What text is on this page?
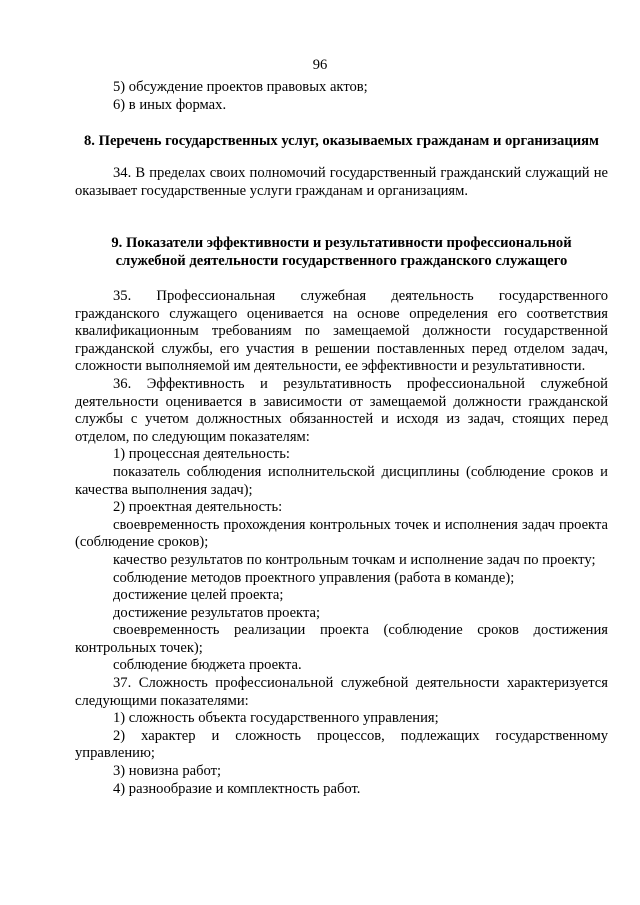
96

5) обсуждение проектов правовых актов;

6) в иных формах.

8. Перечень государственных услуг, оказываемых гражданам и организациям

34. В пределах своих полномочий государственный гражданский служащий не оказывает государственные услуги гражданам и организациям.

9. Показатели эффективности и результативности профессиональной

служебной деятельности государственного гражданского служащего

35. Профессиональная служебная деятельность государственного гражданского служащего оценивается на основе определения его соответствия квалификационным требованиям по замещаемой должности государственной гражданской службы, его участия в решении поставленных перед отделом задач, сложности выполняемой им деятельности, ее эффективности и результативности.

36. Эффективность и результативность профессиональной служебной деятельности оценивается в зависимости от замещаемой должности гражданской службы с учетом должностных обязанностей и исходя из задач, стоящих перед отделом, по следующим показателям:

1) процессная деятельность:

показатель соблюдения исполнительской дисциплины (соблюдение сроков и качества выполнения задач);

2) проектная деятельность:

своевременность прохождения контрольных точек и исполнения задач проекта (соблюдение сроков);

качество результатов по контрольным точкам и исполнение задач по проекту;

соблюдение методов проектного управления (работа в команде);

достижение целей проекта;

достижение результатов проекта;

своевременность реализации проекта (соблюдение сроков достижения контрольных точек);

соблюдение бюджета проекта.

37. Сложность профессиональной служебной деятельности характеризуется следующими показателями:

1) сложность объекта государственного управления;

2) характер и сложность процессов, подлежащих государственному управлению;

3) новизна работ;

4) разнообразие и комплектность работ.
